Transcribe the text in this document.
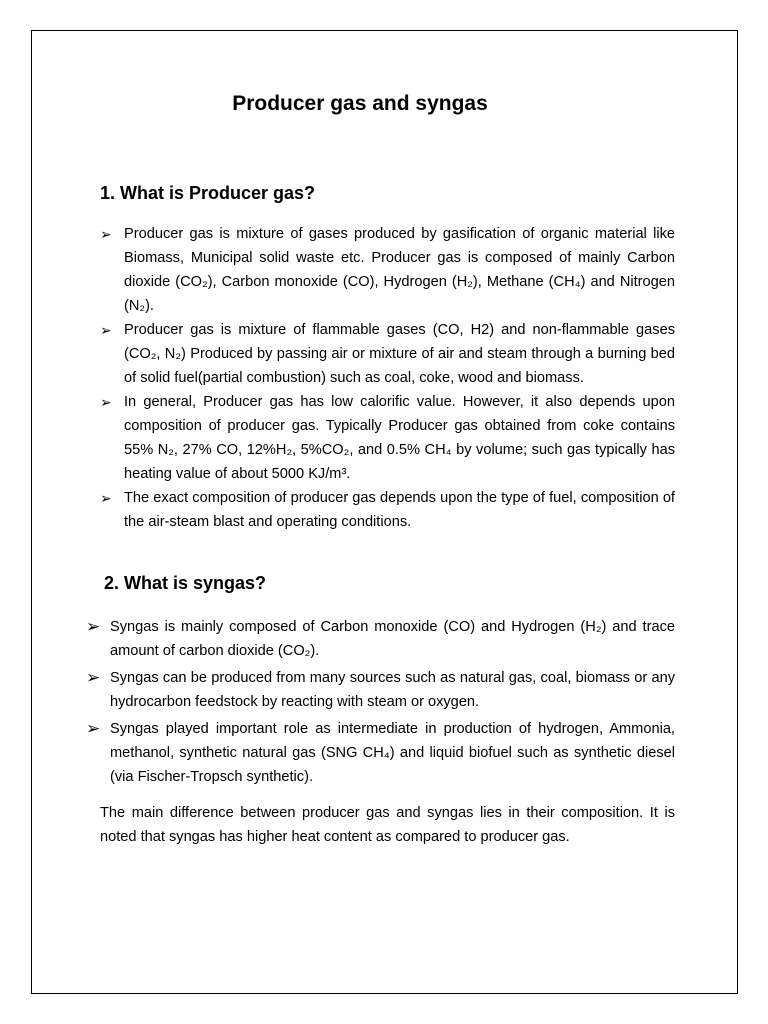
Producer gas and syngas
1. What is Producer gas?
➢ Producer gas is mixture of gases produced by gasification of organic material like Biomass, Municipal solid waste etc. Producer gas is composed of mainly Carbon dioxide (CO₂), Carbon monoxide (CO), Hydrogen (H₂), Methane (CH₄) and Nitrogen (N₂).
➢ Producer gas is mixture of flammable gases (CO, H2) and non-flammable gases (CO₂, N₂) Produced by passing air or mixture of air and steam through a burning bed of solid fuel(partial combustion) such as coal, coke, wood and biomass.
➢ In general, Producer gas has low calorific value. However, it also depends upon composition of producer gas. Typically Producer gas obtained from coke contains 55% N₂, 27% CO, 12%H₂, 5%CO₂, and 0.5% CH₄ by volume; such gas typically has heating value of about 5000 KJ/m³.
➢ The exact composition of producer gas depends upon the type of fuel, composition of the air-steam blast and operating conditions.
2. What is syngas?
➢ Syngas is mainly composed of Carbon monoxide (CO) and Hydrogen (H₂) and trace amount of carbon dioxide (CO₂).
➢ Syngas can be produced from many sources such as natural gas, coal, biomass or any hydrocarbon feedstock by reacting with steam or oxygen.
➢ Syngas played important role as intermediate in production of hydrogen, Ammonia, methanol, synthetic natural gas (SNG CH₄) and liquid biofuel such as synthetic diesel (via Fischer-Tropsch synthetic).

The main difference between producer gas and syngas lies in their composition. It is noted that syngas has higher heat content as compared to producer gas.
